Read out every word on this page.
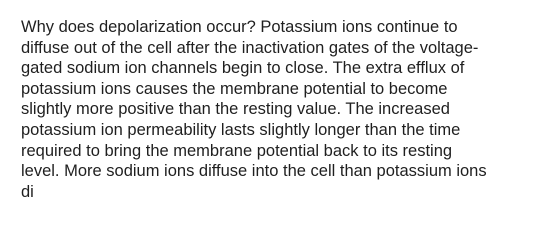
Why does depolarization occur? Potassium ions continue to
diffuse out of the cell after the inactivation gates of the voltage-
gated sodium ion channels begin to close. The extra efflux of
potassium ions causes the membrane potential to become
slightly more positive than the resting value. The increased
potassium ion permeability lasts slightly longer than the time
required to bring the membrane potential back to its resting
level. More sodium ions diffuse into the cell than potassium ions
di
